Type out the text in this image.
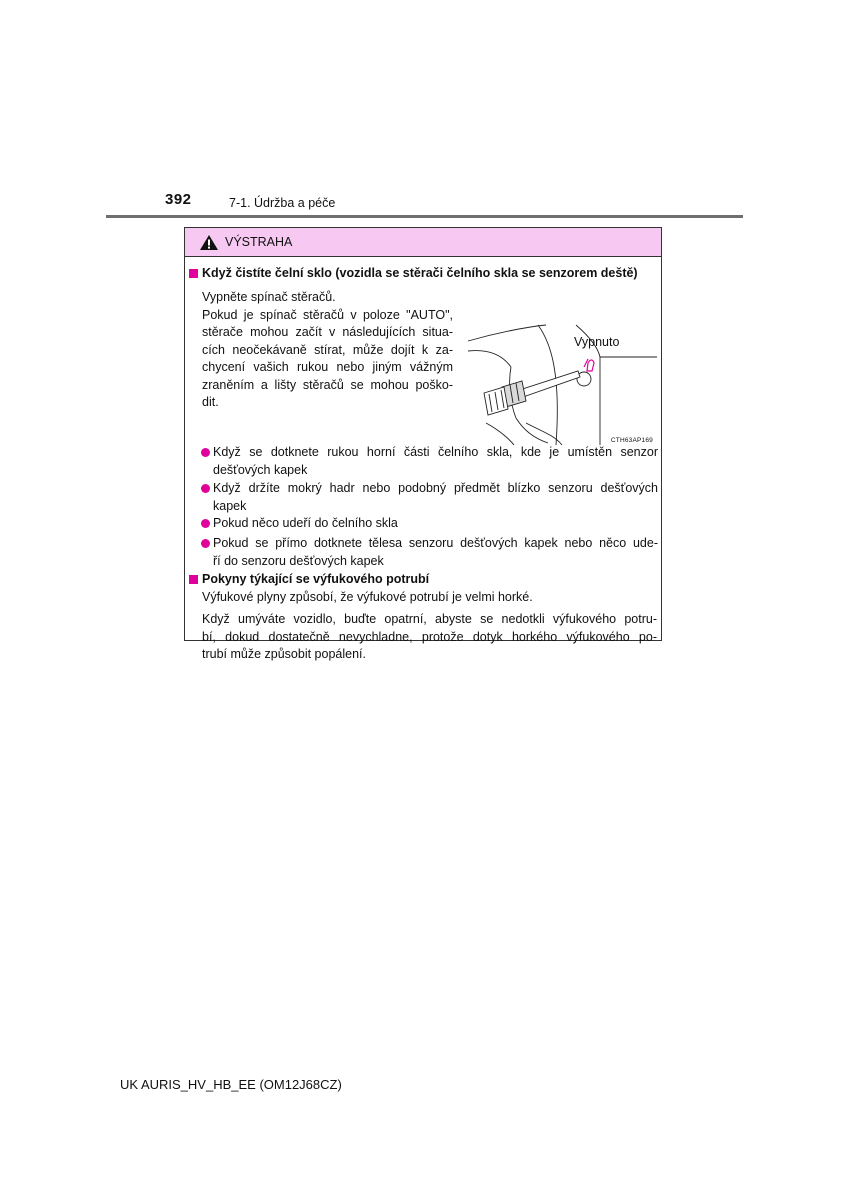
392	7-1. Údržba a péče
VÝSTRAHA
Když čistíte čelní sklo (vozidla se stěrači čelního skla se senzorem deště)
Vypněte spínač stěračů.
Pokud je spínač stěračů v poloze "AUTO",
stěrače mohou začít v následujících situa-
cích neočekávaně stírat, může dojít k za-
chycení vašich rukou nebo jiným vážným
zraněním a lišty stěračů se mohou poško-
dit.
Vypnuto
CTH63AP169
Když se dotknete rukou horní části čelního skla, kde je umístěn senzor
dešťových kapek
Když držíte mokrý hadr nebo podobný předmět blízko senzoru dešťových
kapek
Pokud něco udeří do čelního skla
Pokud se přímo dotknete tělesa senzoru dešťových kapek nebo něco ude-
ří do senzoru dešťových kapek
Pokyny týkající se výfukového potrubí
Výfukové plyny způsobí, že výfukové potrubí je velmi horké.
Když umýváte vozidlo, buďte opatrní, abyste se nedotkli výfukového potru-
bí, dokud dostatečně nevychladne, protože dotyk horkého výfukového po-
trubí může způsobit popálení.
UK AURIS_HV_HB_EE (OM12J68CZ)
